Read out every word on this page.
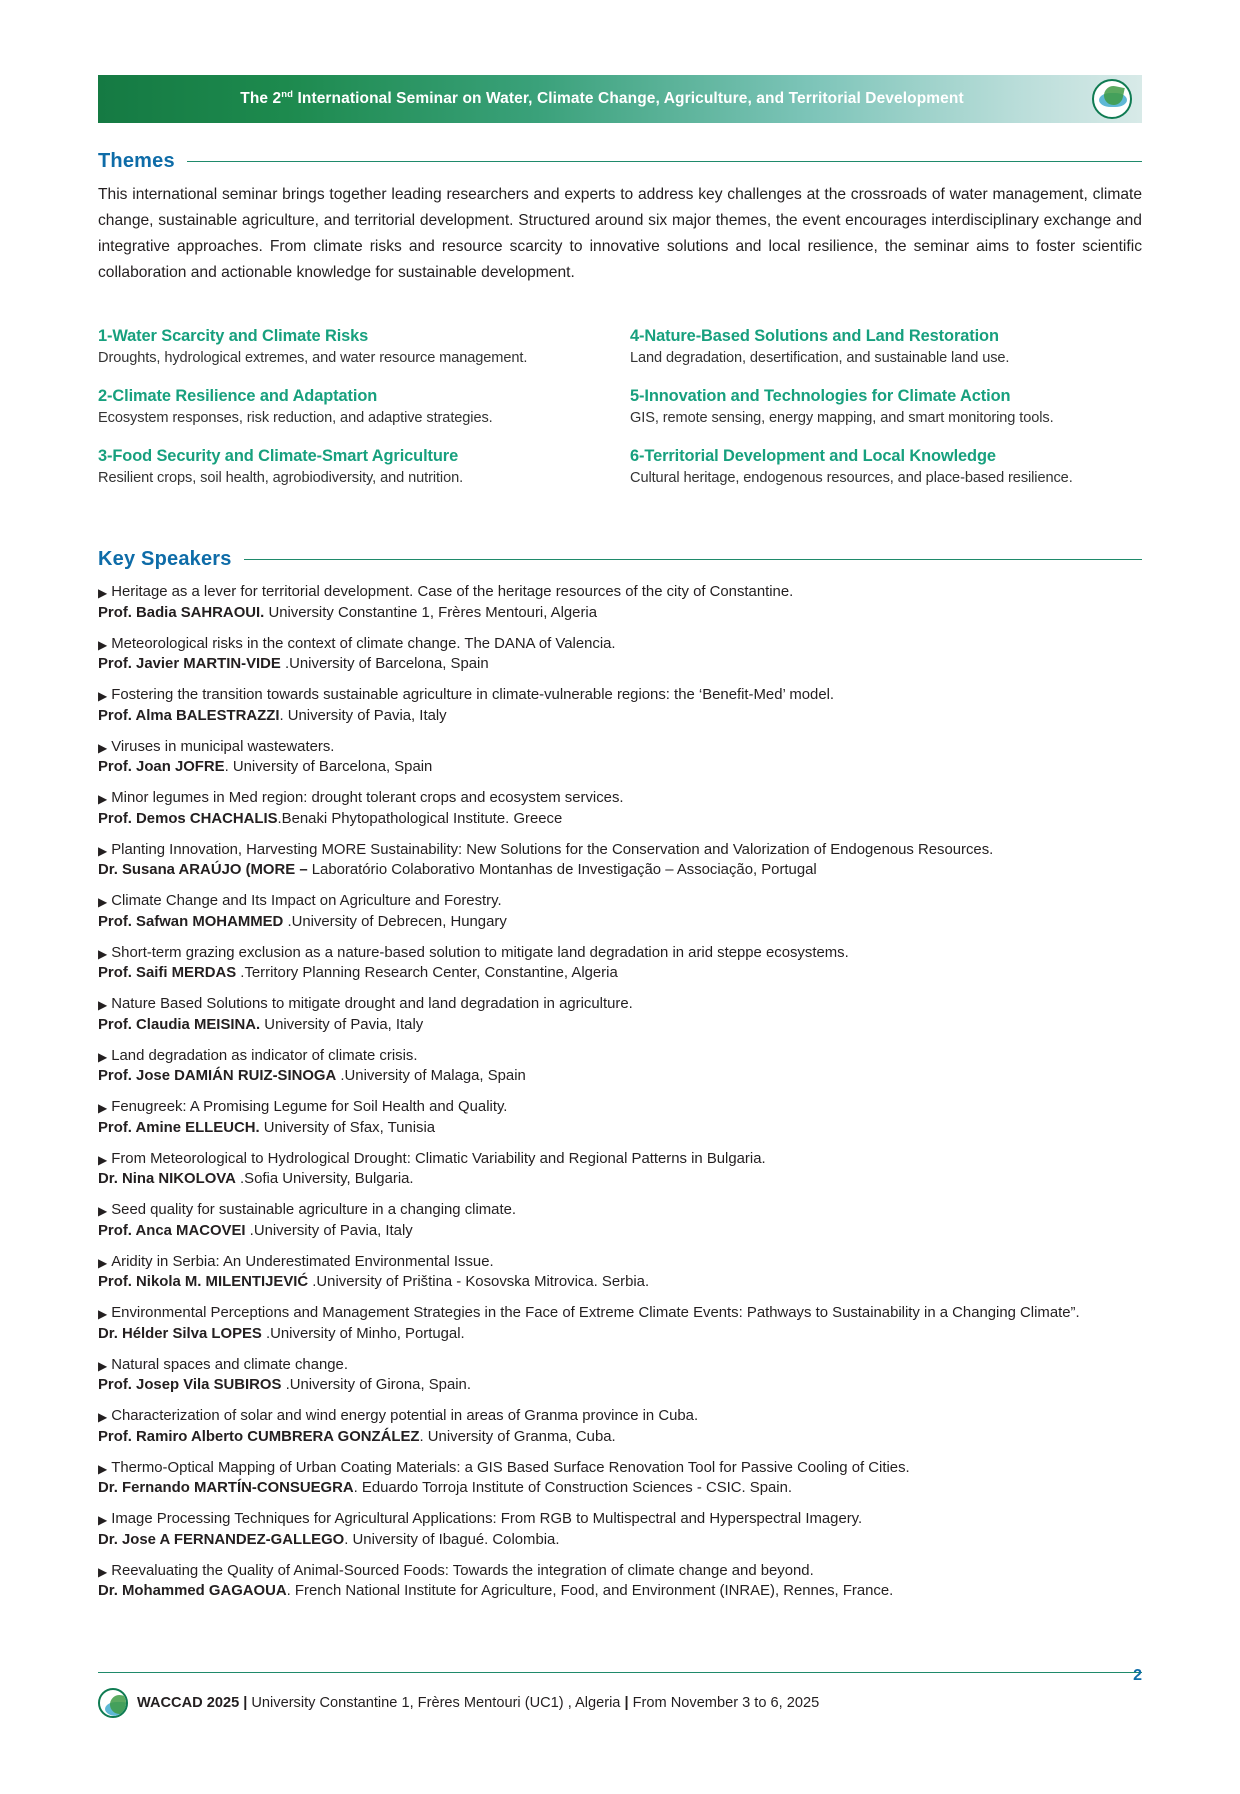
The 2nd International Seminar on Water, Climate Change, Agriculture, and Territorial Development
Themes
This international seminar brings together leading researchers and experts to address key challenges at the crossroads of water management, climate change, sustainable agriculture, and territorial development. Structured around six major themes, the event encourages interdisciplinary exchange and integrative approaches. From climate risks and resource scarcity to innovative solutions and local resilience, the seminar aims to foster scientific collaboration and actionable knowledge for sustainable development.
1-Water Scarcity and Climate Risks
Droughts, hydrological extremes, and water resource management.
4-Nature-Based Solutions and Land Restoration
Land degradation, desertification, and sustainable land use.
2-Climate Resilience and Adaptation
Ecosystem responses, risk reduction, and adaptive strategies.
5-Innovation and Technologies for Climate Action
GIS, remote sensing, energy mapping, and smart monitoring tools.
3-Food Security and Climate-Smart Agriculture
Resilient crops, soil health, agrobiodiversity, and nutrition.
6-Territorial Development and Local Knowledge
Cultural heritage, endogenous resources, and place-based resilience.
Key Speakers
▶ Heritage as a lever for territorial development. Case of the heritage resources of the city of Constantine.
Prof. Badia SAHRAOUI. University Constantine 1, Frères Mentouri, Algeria
▶ Meteorological risks in the context of climate change. The DANA of Valencia.
Prof. Javier MARTIN-VIDE .University of Barcelona, Spain
▶ Fostering the transition towards sustainable agriculture in climate-vulnerable regions: the ‘Benefit-Med’ model.
Prof. Alma BALESTRAZZI. University of Pavia, Italy
▶ Viruses in municipal wastewaters.
Prof. Joan JOFRE. University of Barcelona, Spain
▶ Minor legumes in Med region: drought tolerant crops and ecosystem services.
Prof. Demos CHACHALIS.Benaki Phytopathological Institute. Greece
▶ Planting Innovation, Harvesting MORE Sustainability: New Solutions for the Conservation and Valorization of Endogenous Resources.
Dr. Susana ARAÚJO (MORE – Laboratório Colaborativo Montanhas de Investigação – Associação, Portugal
▶ Climate Change and Its Impact on Agriculture and Forestry.
Prof. Safwan MOHAMMED .University of Debrecen, Hungary
▶ Short-term grazing exclusion as a nature-based solution to mitigate land degradation in arid steppe ecosystems.
Prof. Saifi MERDAS .Territory Planning Research Center, Constantine, Algeria
▶ Nature Based Solutions to mitigate drought and land degradation in agriculture.
Prof. Claudia MEISINA. University of Pavia, Italy
▶ Land degradation as indicator of climate crisis.
Prof. Jose DAMIÁN RUIZ-SINOGA .University of Malaga, Spain
▶ Fenugreek: A Promising Legume for Soil Health and Quality.
Prof. Amine ELLEUCH. University of Sfax, Tunisia
▶ From Meteorological to Hydrological Drought: Climatic Variability and Regional Patterns in Bulgaria.
Dr. Nina NIKOLOVA .Sofia University, Bulgaria.
▶ Seed quality for sustainable agriculture in a changing climate.
Prof. Anca MACOVEI .University of Pavia, Italy
▶ Aridity in Serbia: An Underestimated Environmental Issue.
Prof. Nikola M. MILENTIJEVIĆ .University of Priština - Kosovska Mitrovica. Serbia.
▶ Environmental Perceptions and Management Strategies in the Face of Extreme Climate Events: Pathways to Sustainability in a Changing Climate”.
Dr. Hélder Silva LOPES .University of Minho, Portugal.
▶ Natural spaces and climate change.
Prof. Josep Vila SUBIROS .University of Girona, Spain.
▶ Characterization of solar and wind energy potential in areas of Granma province in Cuba.
Prof. Ramiro Alberto CUMBRERA GONZÁLEZ. University of Granma, Cuba.
▶ Thermo-Optical Mapping of Urban Coating Materials: a GIS Based Surface Renovation Tool for Passive Cooling of Cities.
Dr. Fernando MARTÍN-CONSUEGRA. Eduardo Torroja Institute of Construction Sciences - CSIC. Spain.
▶ Image Processing Techniques for Agricultural Applications: From RGB to Multispectral and Hyperspectral Imagery.
Dr. Jose A FERNANDEZ-GALLEGO. University of Ibagué. Colombia.
▶ Reevaluating the Quality of Animal-Sourced Foods: Towards the integration of climate change and beyond.
Dr. Mohammed GAGAOUA. French National Institute for Agriculture, Food, and Environment (INRAE), Rennes, France.
2
WACCAD 2025 | University Constantine 1, Frères Mentouri (UC1) , Algeria | From November 3 to 6, 2025
